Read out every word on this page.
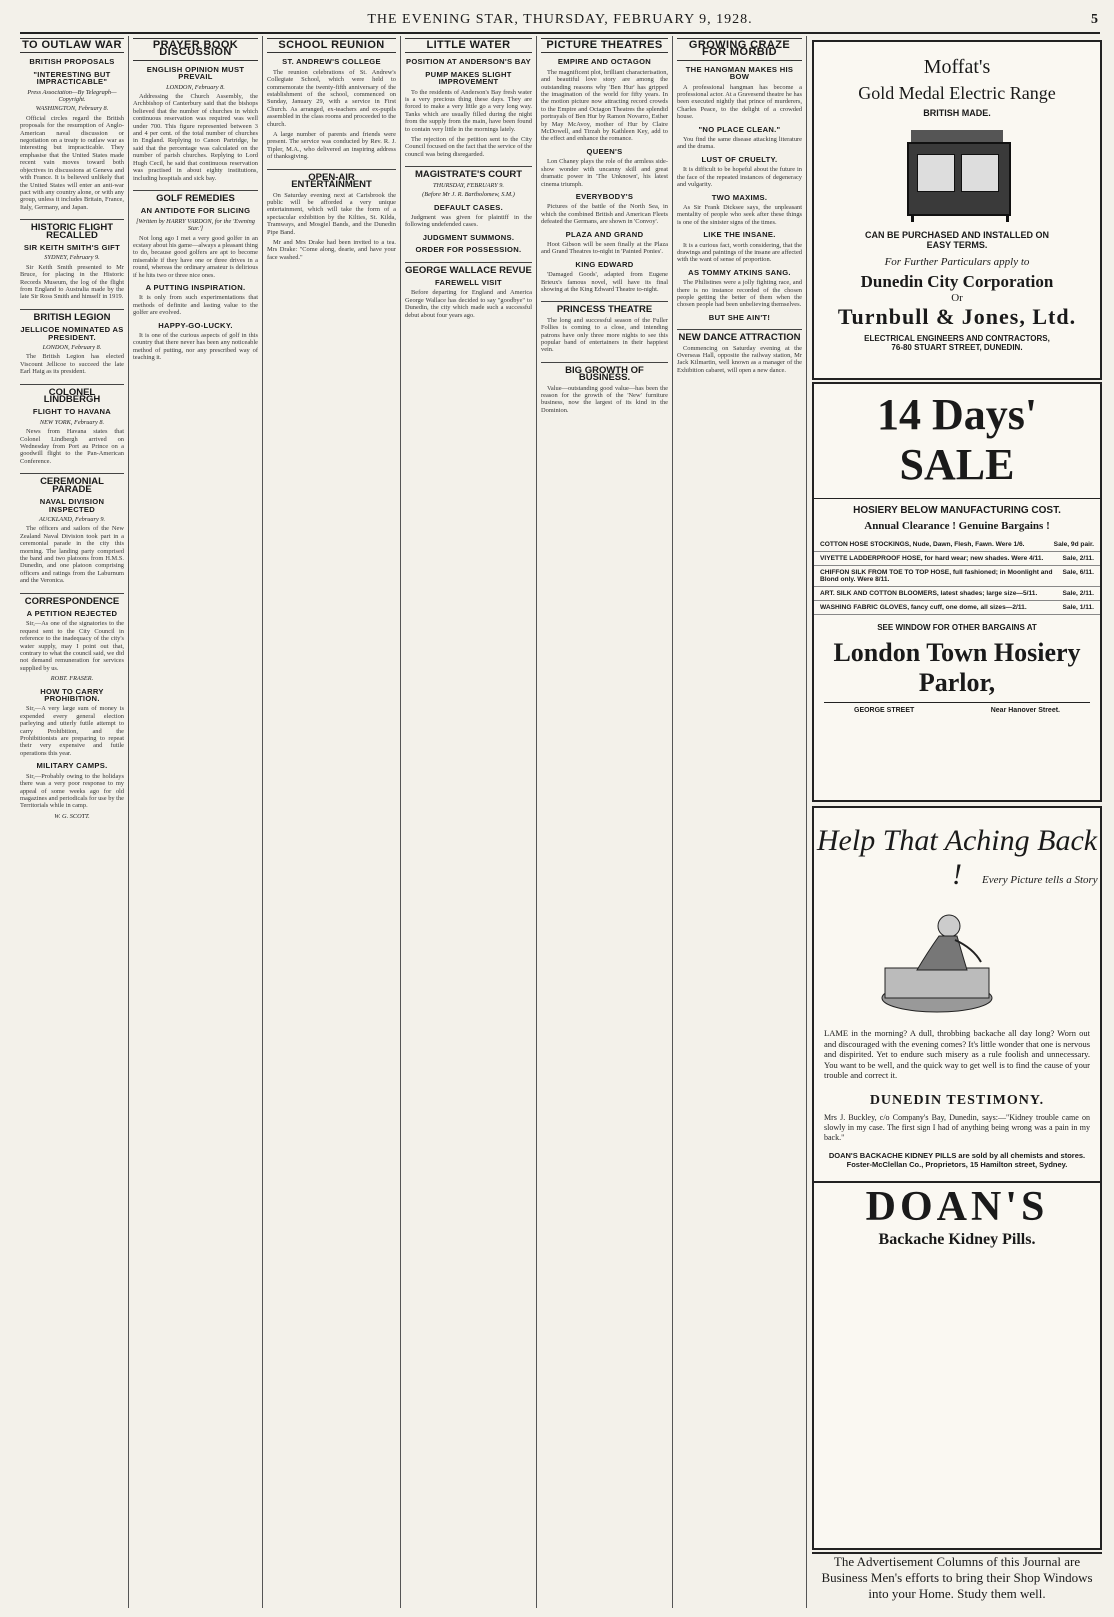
THE EVENING STAR, THURSDAY, FEBRUARY 9, 1928.	5
TO OUTLAW WAR
BRITISH PROPOSALS
"INTERESTING BUT IMPRACTICABLE"
Press Association—By Telegraph—Copyright.
WASHINGTON, February 8.

Official circles regard the British proposals for the resumption of Anglo-American naval discussion or negotiation on a treaty to outlaw war as interesting but impracticable. They emphasise that the United States made recent vain moves toward both objectives in discussions at Geneva and with France. It is believed unlikely that the United States will enter an anti-war pact with any country alone, or with any group, unless it includes Britain, France, Italy, Germany, and Japan.

HISTORIC FLIGHT RECALLED
SIR KEITH SMITH'S GIFT
SYDNEY, February 9.

Sir Keith Smith presented to Mr Bruce, for placing in the Historic Records Museum, the log of the flight from England to Australia made by the late Sir Ross Smith and himself in 1919.

BRITISH LEGION
JELLICOE NOMINATED AS PRESIDENT.
LONDON, February 8.

The British Legion has elected Viscount Jellicoe to succeed the late Earl Haig as its president.

COLONEL LINDBERGH
FLIGHT TO HAVANA
NEW YORK, February 8.

News from Havana states that Colonel Lindbergh arrived on Wednesday from Port au Prince on a goodwill flight to the Pan-American Conference.

CEREMONIAL PARADE
NAVAL DIVISION INSPECTED
AUCKLAND, February 9.

The officers and sailors of the New Zealand Naval Division took part in a ceremonial parade in the city this morning. The landing party comprised the band and two platoons from H.M.S. Dunedin, and one platoon comprising officers and ratings from the Laburnum and the Veronica.

CORRESPONDENCE
A PETITION REJECTED

Sir,—As one of the signatories to the request sent to the City Council in reference to the inadequacy of the city's water supply, may I point out that, contrary to what the council said, we did not demand remuneration for services supplied by us.

ROBT. FRASER.
HOW TO CARRY PROHIBITION.

Sir,—A very large sum of money is expended every general election parleying and utterly futile attempt to carry Prohibition, and the Prohibitionists are preparing to repeat their very expensive and futile operations this year.

MILITARY CAMPS.

Sir,—Probably owing to the holidays there was a very poor response to my appeal of some weeks ago for old magazines and periodicals for use by the Territorials while in camp.

W. G. SCOTT.
PRAYER BOOK DISCUSSION
ENGLISH OPINION MUST PREVAIL
LONDON, February 8.

Addressing the Church Assembly, the Archbishop of Canterbury said that the bishops believed that the number of churches in which continuous reservation was required was well under 700. This figure represented between 3 and 4 per cent. of the total number of churches in England. Replying to Canon Partridge, he said that the percentage was calculated on the number of parish churches. Replying to Lord Hugh Cecil, he said that continuous reservation was practised in about eighty institutions, including hospitals and sick bay.

GOLF REMEDIES
AN ANTIDOTE FOR SLICING
[Written by HARRY VARDON, for the 'Evening Star.']

Not long ago I met a very good golfer in an ecstasy about his game—always a pleasant thing to do, because good golfers are apt to become miserable if they have one or three drives in a round, whereas the ordinary amateur is delirious if he hits two or three nice ones.

A PUTTING INSPIRATION.

It is only from such experimentations that methods of definite and lasting value to the golfer are evolved.

HAPPY-GO-LUCKY.

It is one of the curious aspects of golf in this country that there never has been any noticeable method of putting, nor any prescribed way of teaching it.

SCHOOL REUNION
ST. ANDREW'S COLLEGE

The reunion celebrations of St. Andrew's Collegiate School, which were held to commemorate the twenty-fifth anniversary of the establishment of the school, commenced on Sunday, January 29, with a service in First Church. As arranged, ex-teachers and ex-pupils assembled in the class rooms and proceeded to the church.

A large number of parents and friends were present. The service was conducted by Rev. R. J. Tipler, M.A., who delivered an inspiring address of thanksgiving.

OPEN-AIR ENTERTAINMENT

On Saturday evening next at Carisbrook the public will be afforded a very unique entertainment, which will take the form of a spectacular exhibition by the Kilties, St. Kilda, Tramways, and Mosgiel Bands, and the Dunedin Pipe Band.

Mr and Mrs Drake had been invited to a tea. Mrs Drake: "Come along, dearie, and have your face washed."

LITTLE WATER
POSITION AT ANDERSON'S BAY
PUMP MAKES SLIGHT IMPROVEMENT

To the residents of Anderson's Bay fresh water is a very precious thing these days. They are forced to make a very little go a very long way. Tanks which are usually filled during the night from the supply from the main, have been found to contain very little in the mornings lately.

The rejection of the petition sent to the City Council focused on the fact that the service of the council was being disregarded.

MAGISTRATE'S COURT
THURSDAY, FEBRUARY 9.
(Before Mr J. R. Bartholomew, S.M.)
DEFAULT CASES.

Judgment was given for plaintiff in the following undefended cases.

JUDGMENT SUMMONS.
ORDER FOR POSSESSION.
GEORGE WALLACE REVUE
FAREWELL VISIT

Before departing for England and America George Wallace has decided to say "goodbye" to Dunedin, the city which made such a successful debut about four years ago.

PICTURE THEATRES
EMPIRE AND OCTAGON

The magnificent plot, brilliant characterisation, and beautiful love story are among the outstanding reasons why 'Ben Hur' has gripped the imagination of the world for fifty years. In the motion picture now attracting record crowds to the Empire and Octagon Theatres the splendid portrayals of Ben Hur by Ramon Novarro, Esther by May McAvoy, mother of Hur by Claire McDowell, and Tirzah by Kathleen Key, add to the effect and enhance the romance.

QUEEN'S

Lon Chaney plays the role of the armless side-show wonder with uncanny skill and great dramatic power in 'The Unknown', his latest cinema triumph.

EVERYBODY'S

Pictures of the battle of the North Sea, in which the combined British and American Fleets defeated the Germans, are shown in 'Convoy'.

PLAZA AND GRAND

Hoot Gibson will be seen finally at the Plaza and Grand Theatres to-night in 'Painted Ponies'.

KING EDWARD

'Damaged Goods', adapted from Eugene Brieux's famous novel, will have its final showing at the King Edward Theatre to-night.

PRINCESS THEATRE

The long and successful season of the Fuller Follies is coming to a close, and intending patrons have only three more nights to see this popular band of entertainers in their happiest vein.

BIG GROWTH OF BUSINESS.

Value—outstanding good value—has been the reason for the growth of the 'New' furniture business, now the largest of its kind in the Dominion.

GROWING CRAZE FOR MORBID
THE HANGMAN MAKES HIS BOW

A professional hangman has become a professional actor. At a Gravesend theatre he has been executed nightly that prince of murderers, Charles Peace, to the delight of a crowded house.

"NO PLACE CLEAN."

You find the same disease attacking literature and the drama.

LUST OF CRUELTY.

It is difficult to be hopeful about the future in the face of the repeated instances of degeneracy and vulgarity.

TWO MAXIMS.

As Sir Frank Dicksee says, the unpleasant mentality of people who seek after these things is one of the sinister signs of the times.

LIKE THE INSANE.

It is a curious fact, worth considering, that the drawings and paintings of the insane are affected with the want of sense of proportion.

AS TOMMY ATKINS SANG.

The Philistines were a jolly fighting race, and there is no instance recorded of the chosen people getting the better of them when the chosen people had been unbelieving themselves.

BUT SHE AIN'T!
NEW DANCE ATTRACTION

Commencing on Saturday evening at the Overseas Hall, opposite the railway station, Mr Jack Kilmartin, well known as a manager of the Exhibition cabaret, will open a new dance.

Moffat's
Gold Medal Electric Range
BRITISH MADE.
CAN BE PURCHASED AND INSTALLED ON
EASY TERMS.
For Further Particulars apply to
Dunedin City Corporation
Or
Turnbull & Jones, Ltd.
ELECTRICAL ENGINEERS AND CONTRACTORS,
76-80 STUART STREET, DUNEDIN.
14 Days' SALE
HOSIERY BELOW MANUFACTURING COST.
Annual Clearance ! Genuine Bargains !
COTTON HOSE STOCKINGS, Nude, Dawn, Flesh, Fawn. Were 1/6.	Sale, 9d pair.
VIYETTE LADDERPROOF HOSE, for hard wear; new shades. Were 4/11.	Sale, 2/11.
CHIFFON SILK FROM TOE TO TOP HOSE, full fashioned; in Moonlight and Blond only. Were 8/11.
Sale, 6/11.
ART. SILK AND COTTON BLOOMERS, latest shades; large size—5/11.	Sale, 2/11.
WASHING FABRIC GLOVES, fancy cuff, one dome, all sizes—2/11.	Sale, 1/11.
SEE WINDOW FOR OTHER BARGAINS AT
London Town Hosiery Parlor,
GEORGE STREET	Near Hanover Street.
Help That Aching Back !	Every Picture tells a Story
LAME in the morning? A dull, throbbing backache all day long? Worn out and discouraged with the evening comes? It's little wonder that one is nervous and dispirited. Yet to endure such misery as a rule foolish and unnecessary. You want to be well, and the quick way to get well is to find the cause of your trouble and correct it.
DUNEDIN TESTIMONY.
Mrs J. Buckley, c/o Company's Bay, Dunedin, says:—"Kidney trouble came on slowly in my case. The first sign I had of anything being wrong was a pain in my back."
DOAN'S BACKACHE KIDNEY PILLS are sold by all chemists and stores. Foster-McClellan Co., Proprietors, 15 Hamilton street, Sydney.
DOAN'S
Backache Kidney Pills.
The Advertisement Columns of this Journal are Business Men's efforts to bring their Shop Windows into your Home. Study them well.
